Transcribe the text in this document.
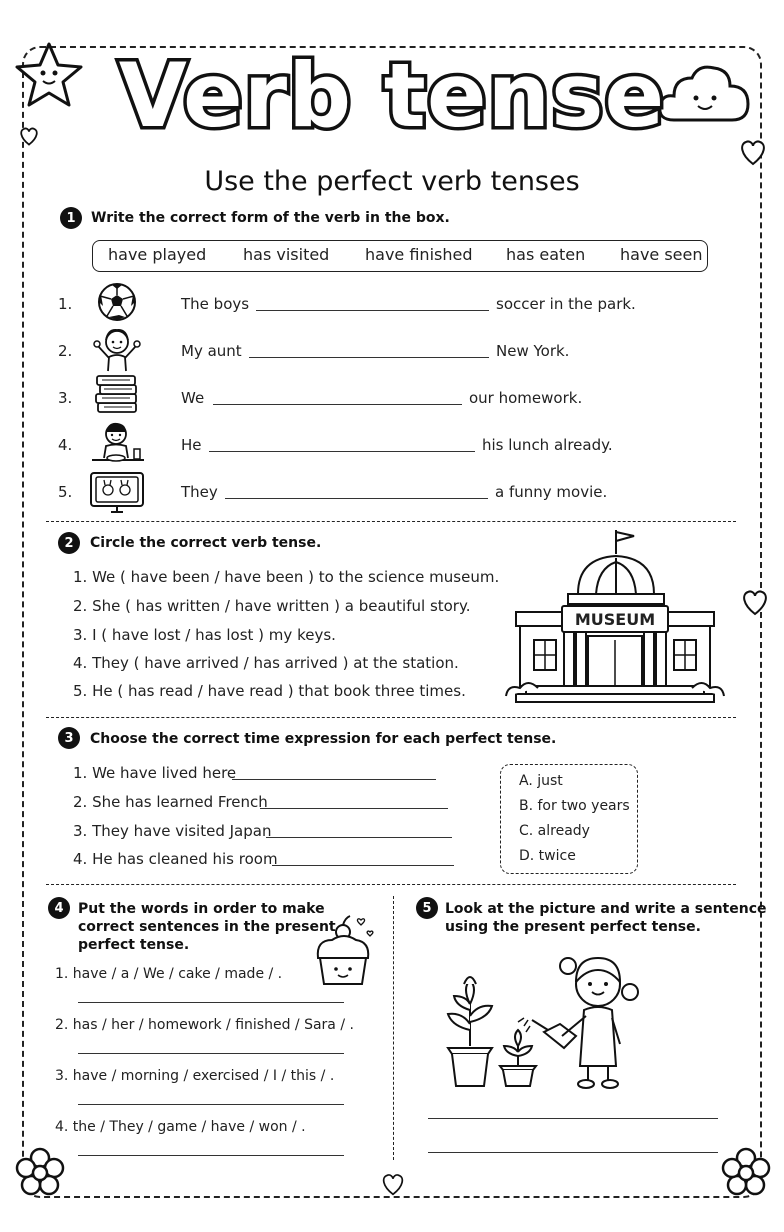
Verb tense
Use the perfect verb tenses
1	Write the correct form of the verb in the box.
have played has visited have finished has eaten have seen
1.	The boys	soccer in the park.
2.	My aunt	New York.
3.	We	our homework.
4.	He	his lunch already.
5.	They	a funny movie.
2	Circle the correct verb tense.
1. We ( have been / have been ) to the science museum.
2. She ( has written / have written ) a beautiful story.
3. I ( have lost / has lost ) my keys.
4. They ( have arrived / has arrived ) at the station.
5. He ( has read / have read ) that book three times.
MUSEUM
3	Choose the correct time expression for each perfect tense.
1. We have lived here
2. She has learned French
3. They have visited Japan
4. He has cleaned his room
A. just
B. for two years
C. already
D. twice
4	Put the words in order to make
correct sentences in the present
perfect tense.
1. have / a / We / cake / made / .
2. has / her / homework / finished / Sara / .
3. have / morning / exercised / I / this / .
4. the / They / game / have / won / .
5 Look at the picture and write a sentence
using the present perfect tense.
